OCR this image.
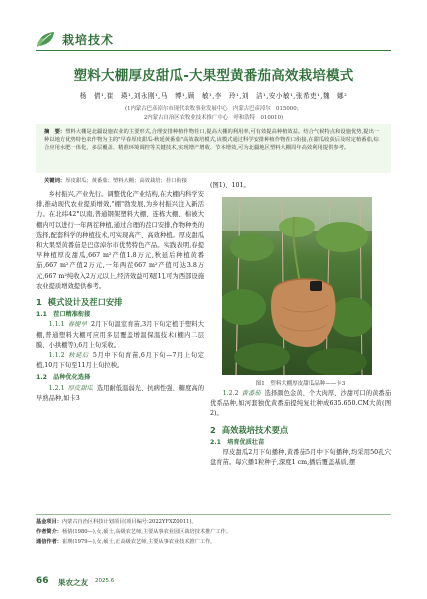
栽培技术
塑料大棚厚皮甜瓜-大果型黄番茄高效栽培模式
杨　倩¹,崔　瑛¹,刘永刚¹,马　博¹,顾　敏¹,李　玲¹,刘　洁¹,安小敏¹,张希吏¹,魏　娜²
(1内蒙古巴彦淖尔市现代农牧事业发展中心　内蒙古巴彦淖尔　015000；
2内蒙古自治区农牧业技术推广中心　呼和浩特　010010)
摘　要：塑料大棚是北疆设施农业的主要形式,合理安排种植作物茬口,提高大棚的利用率,可有效提高种植效益。结合气候特点和设施优势,提出一种以地方优势特色农作物为主的"早春厚皮甜瓜-秋延黄番茄"高效栽培模式,该模式通过科学安排种植作物茬口衔接,在甜瓜收获后及时定植番茄,综合应用水肥一体化、多层覆盖、精准环境调控等关键技术,实现增产增收、节本增效,可为北疆地区塑料大棚周年高效利用提供参考。
关键词：厚皮甜瓜；黄番茄；塑料大棚；高效栽培；茬口衔接

乡村振兴,产业先行。调整优化产业结构,在大棚内科学安排,推动现代农业提质增效,"棚"勃发展,为乡村振兴注入新活力。在北纬42°以南,普通钢架塑料大棚、连栋大棚、棉被大棚内可以进行一年两茬种植,通过合理的茬口安排,作物种类的选择,配套科学的种植技术,可实现高产、高效种植。厚皮甜瓜和大果型黄番茄是巴彦淖尔市优势特色产品。实践表明,春提早种植厚皮甜瓜,667 m²产值1.8万元,秋延后种植黄番茄,667 m²产值2万元,一年两茬667 m²产值可达3.8万元,667 m²纯收入2万元以上,经济效益可观[1],可为西部设施农业提质增效提供参考。

1 模式设计及茬口安排
1.1　茬口精准衔接

1.1.1 春提早 2月下旬温室育苗,3月下旬定植于塑料大棚,普通塑料大棚可应用多层覆盖增温保温技术(棚内二层膜、小拱棚等),6月上旬采收。

1.1.2 秋延后 5月中下旬育苗,6月下旬—7月上旬定植,10月下旬至11月上旬拉秧。

1.2　品种优化选择

1.2.1 厚皮甜瓜 选用耐低温弱光、抗病性强、糖度高的早熟品种,如卡3

(图1)、101。
图1　塑料大棚厚皮甜瓜品种——卡3

1.2.2 黄番茄 选择颜色金黄、个大肉厚、沙甜可口的黄番茄优系品种,如河套独优黄番茄提纯复壮种成635.650.CM大黄(图2)。

2 高效栽培技术要点
2.1　培育优质壮苗

厚皮甜瓜2月下旬播种,黄番茄5月中下旬播种,均采用50孔穴盘育苗。每穴播1粒种子,深度1 cm,播后覆盖基质,摆

基金项目：内蒙古自治区科技计划项目(项目编号:2022YFXZ0011)。
作者简介：杨倩(1980—),女,硕士,高级农艺师,主要从事农业园区栽培技术推广工作。
通信作者：崔瑛(1979—),女,硕士,正高级农艺师,主要从事农业技术推广工作。
66 果农之友 2025.6
